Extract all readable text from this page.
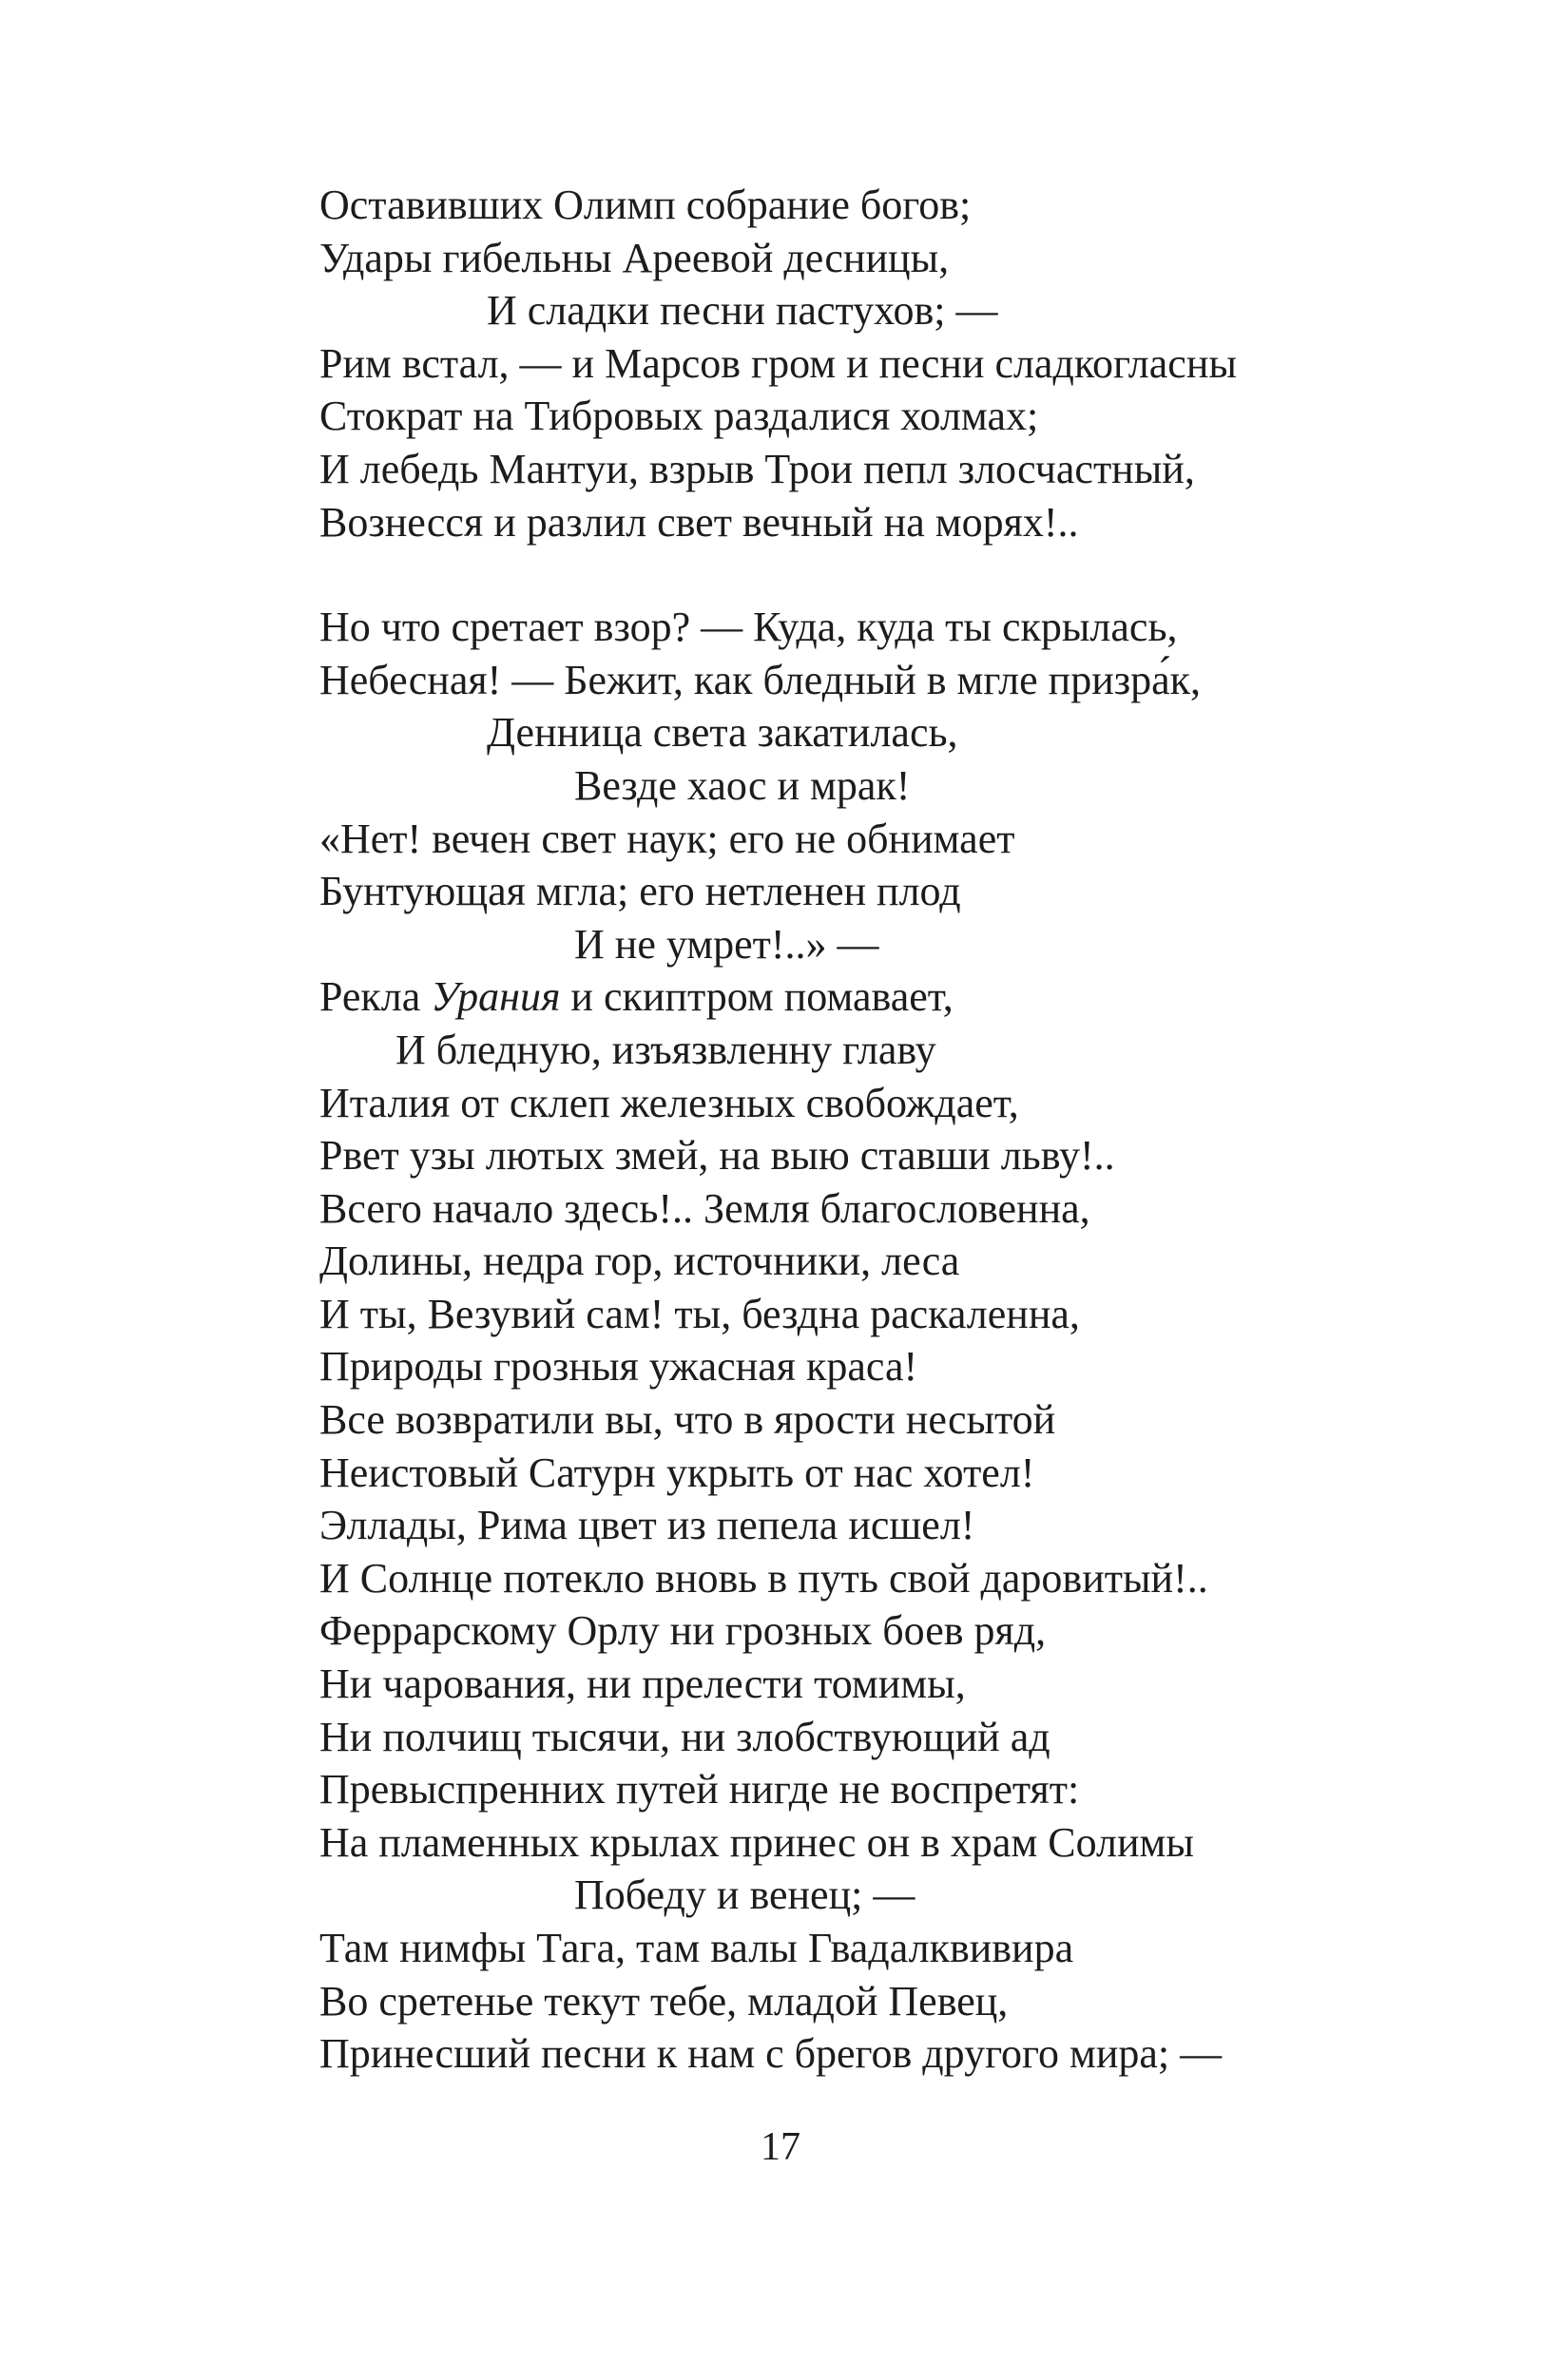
Оставивших Олимп собрание богов;
Удары гибельны Ареевой десницы,
И сладки песни пастухов; —
Рим встал, — и Марсов гром и песни сладкогласны
Стократ на Тибровых раздалися холмах;
И лебедь Мантуи, взрыв Трои пепл злосчастный,
Вознесся и разлил свет вечный на морях!..
Но что сретает взор? — Куда, куда ты скрылась,
Небесная! — Бежит, как бледный в мгле призра́к,
Денница света закатилась,
Везде хаос и мрак!
«Нет! вечен свет наук; его не обнимает
Бунтующая мгла; его нетленен плод
И не умрет!..» —
Рекла Урания и скиптром помавает,
И бледную, изъязвленну главу
Италия от склеп железных свобождает,
Рвет узы лютых змей, на выю ставши льву!..
Всего начало здесь!.. Земля благословенна,
Долины, недра гор, источники, леса
И ты, Везувий сам! ты, бездна раскаленна,
Природы грозныя ужасная краса!
Все возвратили вы, что в ярости несытой
Неистовый Сатурн укрыть от нас хотел!
Эллады, Рима цвет из пепела исшел!
И Солнце потекло вновь в путь свой даровитый!..
Феррарскому Орлу ни грозных боев ряд,
Ни чарования, ни прелести томимы,
Ни полчищ тысячи, ни злобствующий ад
Превыспренних путей нигде не воспретят:
На пламенных крылах принес он в храм Солимы
Победу и венец; —
Там нимфы Тага, там валы Гвадалквивира
Во сретенье текут тебе, младой Певец,
Принесший песни к нам с брегов другого мира; —
17
